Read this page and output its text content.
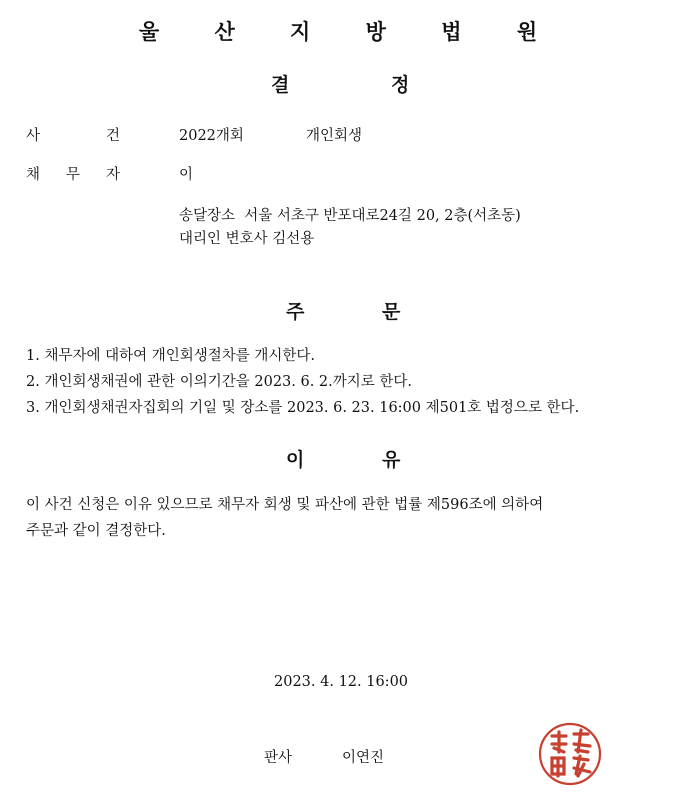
울 산 지 방 법 원
결	정
사	건	2022개회	개인회생
채 무 자	이
송달장소  서울 서초구 반포대로24길 20, 2층(서초동)
대리인 변호사 김선용
주	문
1. 채무자에 대하여 개인회생절차를 개시한다.
2. 개인회생채권에 관한 이의기간을 2023. 6. 2.까지로 한다.
3. 개인회생채권자집회의 기일 및 장소를 2023. 6. 23. 16:00 제501호 법정으로 한다.
이	유
이 사건 신청은 이유 있으므로 채무자 회생 및 파산에 관한 법률 제596조에 의하여
주문과 같이 결정한다.
2023. 4. 12. 16:00
판사	이연진
